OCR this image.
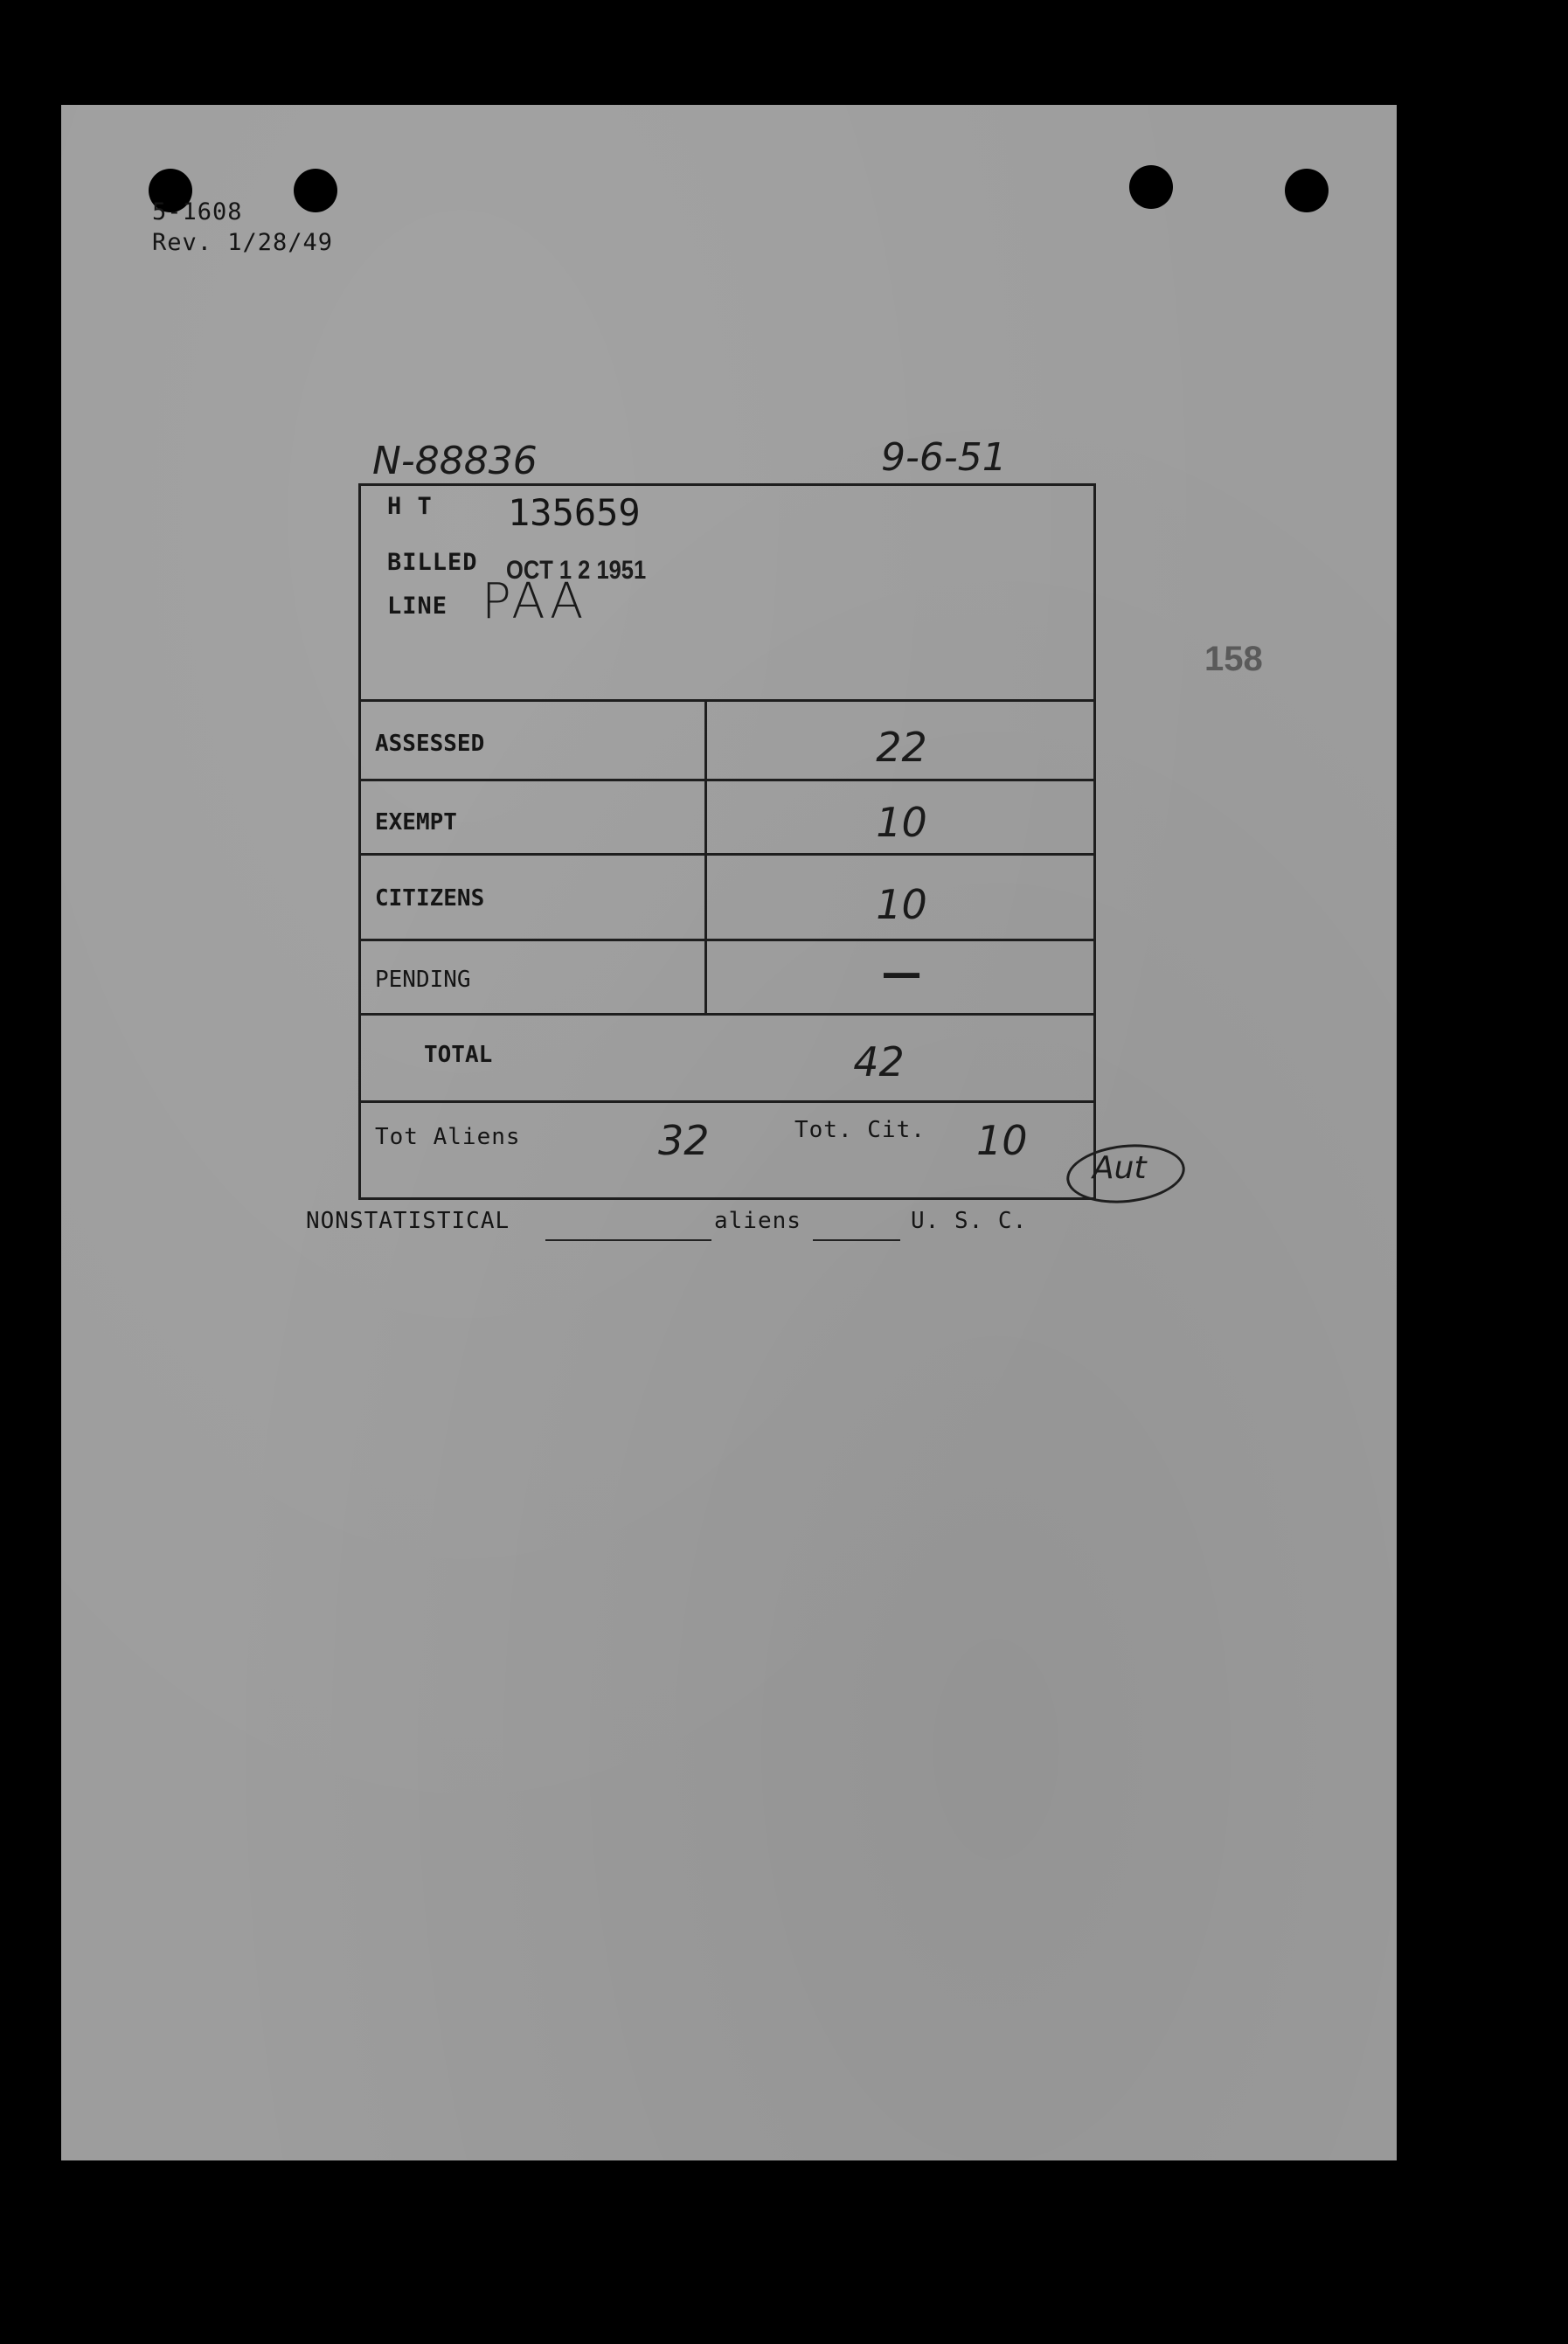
5-1608
Rev. 1/28/49
N-88836	9-6-51
158
H T 135659
BILLED OCT 1 2 1951
LINE PAA
ASSESSED	22
EXEMPT	10
CITIZENS	10
PENDING	—
TOTAL	42
Tot Aliens	32	Tot. Cit. 10
Aut
NONSTATISTICAL	aliens	U. S. C.
